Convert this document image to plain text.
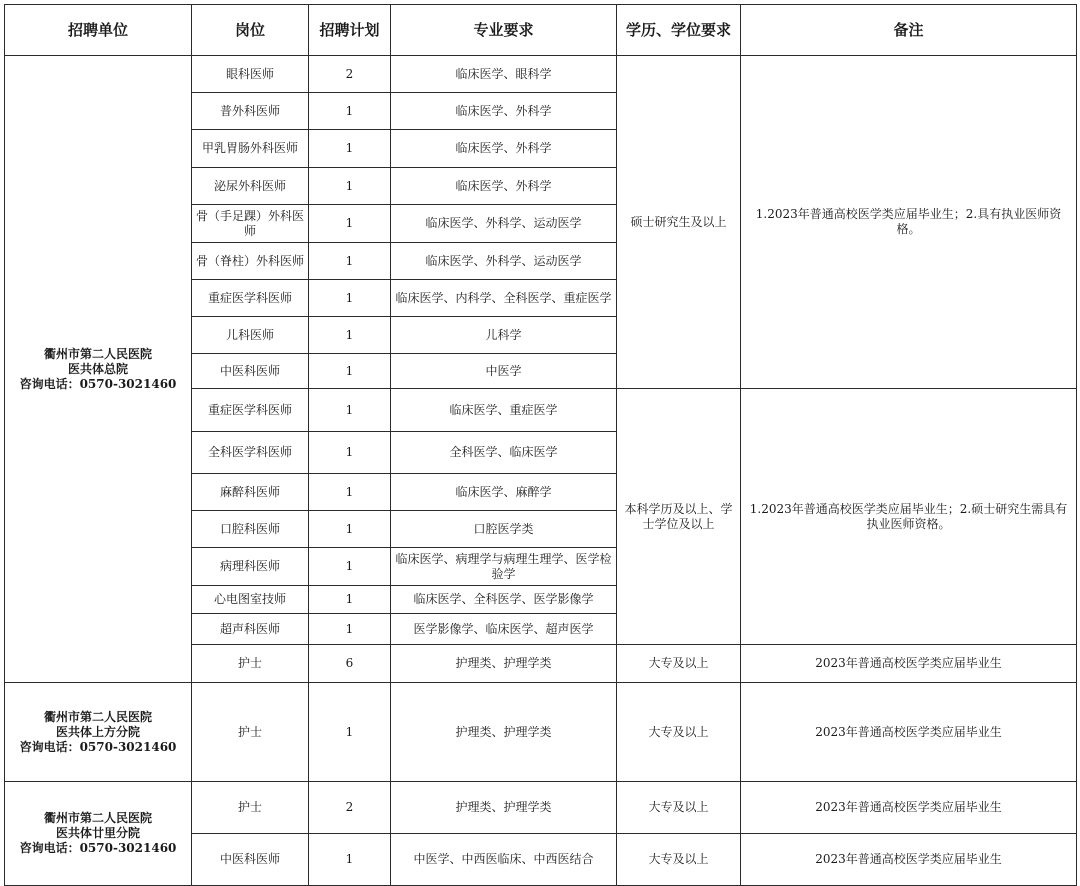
招聘单位	岗位	招聘计划	专业要求	学历、学位要求	备注

衢州市第二人民医院
医共体总院
咨询电话：0570-3021460	眼科医师	2	临床医学、眼科学	硕士研究生及以上	1.2023年普通高校医学类应届毕业生；2.具有执业医师资格。
	普外科医师	1	临床医学、外科学		
	甲乳胃肠外科医师	1	临床医学、外科学		
	泌尿外科医师	1	临床医学、外科学		
	骨（手足踝）外科医师	1	临床医学、外科学、运动医学		
	骨（脊柱）外科医师	1	临床医学、外科学、运动医学		
	重症医学科医师	1	临床医学、内科学、全科医学、重症医学		
	儿科医师	1	儿科学		
	中医科医师	1	中医学		
	重症医学科医师	1	临床医学、重症医学	本科学历及以上、学士学位及以上	1.2023年普通高校医学类应届毕业生；2.硕士研究生需具有执业医师资格。
	全科医学科医师	1	全科医学、临床医学		
	麻醉科医师	1	临床医学、麻醉学		
	口腔科医师	1	口腔医学类		
	病理科医师	1	临床医学、病理学与病理生理学、医学检验学		
	心电图室技师	1	临床医学、全科医学、医学影像学		
	超声科医师	1	医学影像学、临床医学、超声医学		
	护士	6	护理类、护理学类	大专及以上	2023年普通高校医学类应届毕业生

衢州市第二人民医院
医共体上方分院
咨询电话：0570-3021460	护士	1	护理类、护理学类	大专及以上	2023年普通高校医学类应届毕业生

衢州市第二人民医院
医共体廿里分院
咨询电话：0570-3021460	护士	2	护理类、护理学类	大专及以上	2023年普通高校医学类应届毕业生
	中医科医师	1	中医学、中西医临床、中西医结合	大专及以上	2023年普通高校医学类应届毕业生
